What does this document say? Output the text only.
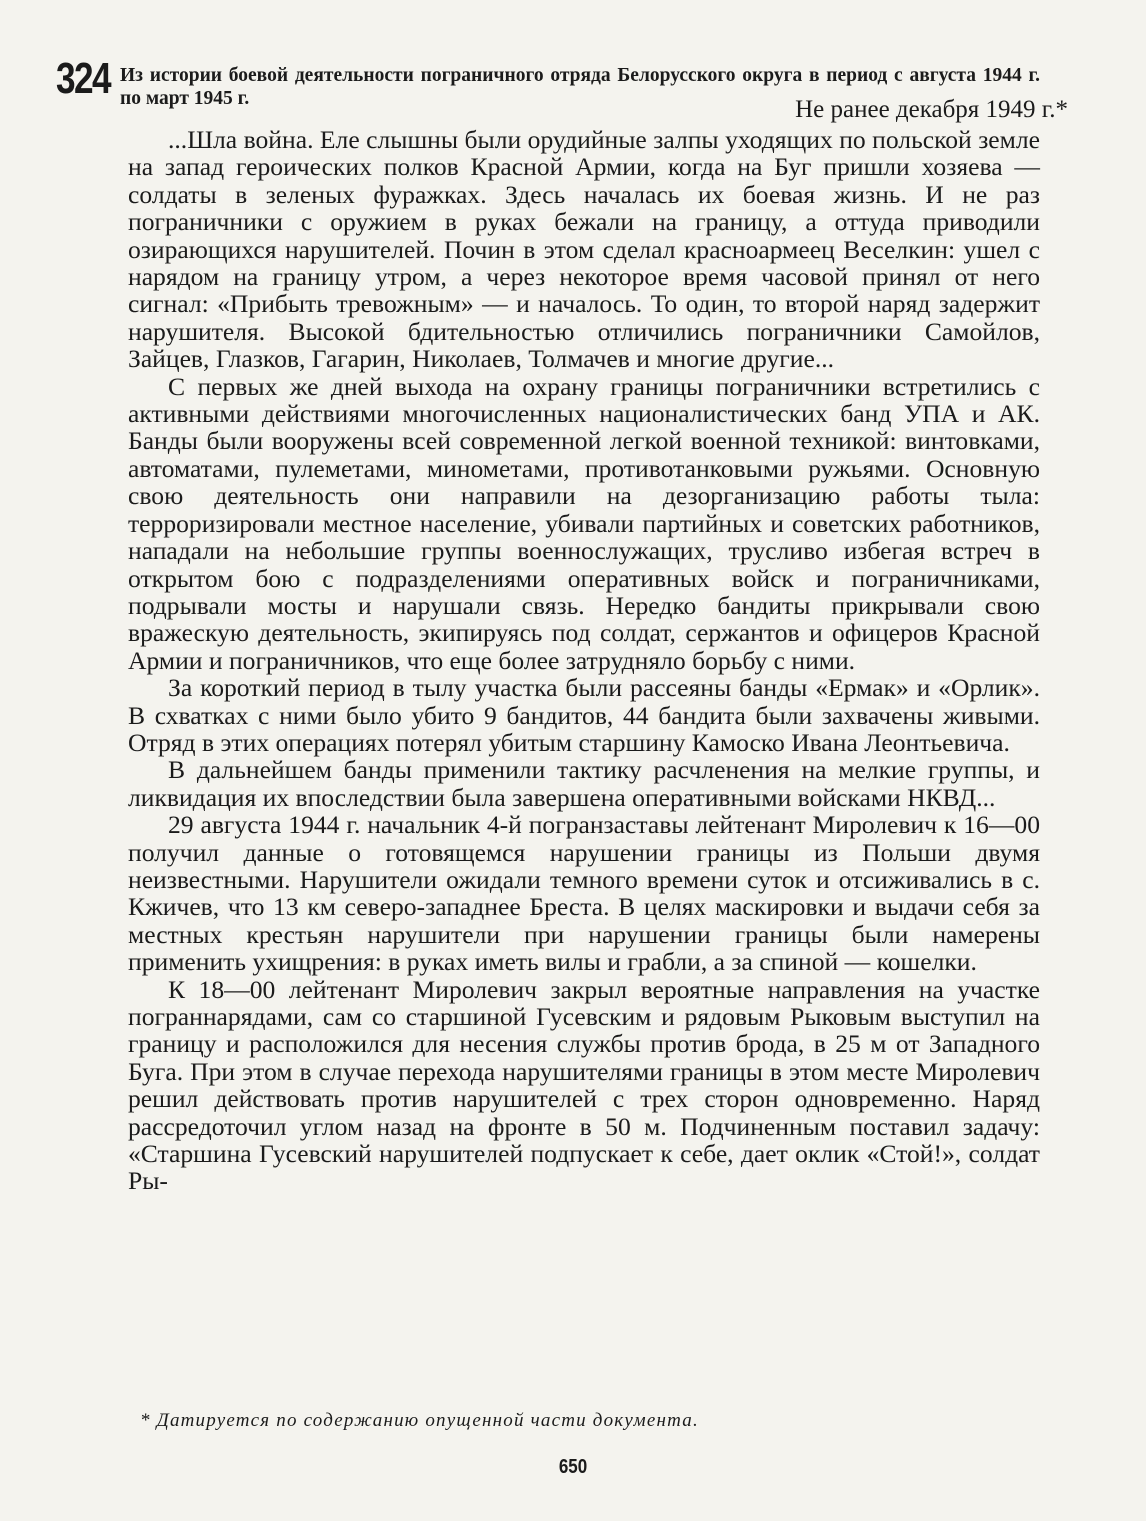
324 Из истории боевой деятельности пограничного отряда Белорусского округа в период с августа 1944 г. по март 1945 г.	Не ранее декабря 1949 г.*

...Шла война. Еле слышны были орудийные залпы уходящих по польской земле на запад героических полков Красной Армии, когда на Буг пришли хозяева — солдаты в зеленых фуражках. Здесь началась их боевая жизнь. И не раз пограничники с оружием в руках бежали на границу, а оттуда приводили озирающихся нарушителей. Почин в этом сделал красноармеец Веселкин: ушел с нарядом на границу утром, а через некоторое время часовой принял от него сигнал: «Прибыть тревожным» — и началось. То один, то второй наряд задержит нарушителя. Высокой бдительностью отличились пограничники Самойлов, Зайцев, Глазков, Гагарин, Николаев, Толмачев и многие другие...

С первых же дней выхода на охрану границы пограничники встретились с активными действиями многочисленных националистических банд УПА и АК. Банды были вооружены всей современной легкой военной техникой: винтовками, автоматами, пулеметами, минометами, противотанковыми ружьями. Основную свою деятельность они направили на дезорганизацию работы тыла: терроризировали местное население, убивали партийных и советских работников, нападали на небольшие группы военнослужащих, трусливо избегая встреч в открытом бою с подразделениями оперативных войск и пограничниками, подрывали мосты и нарушали связь. Нередко бандиты прикрывали свою вражескую деятельность, экипируясь под солдат, сержантов и офицеров Красной Армии и пограничников, что еще более затрудняло борьбу с ними.

За короткий период в тылу участка были рассеяны банды «Ермак» и «Орлик». В схватках с ними было убито 9 бандитов, 44 бандита были захвачены живыми. Отряд в этих операциях потерял убитым старшину Камоско Ивана Леонтьевича.

В дальнейшем банды применили тактику расчленения на мелкие группы, и ликвидация их впоследствии была завершена оперативными войсками НКВД...

29 августа 1944 г. начальник 4-й погранзаставы лейтенант Миролевич к 16—00 получил данные о готовящемся нарушении границы из Польши двумя неизвестными. Нарушители ожидали темного времени суток и отсиживались в с. Кжичев, что 13 км северо-западнее Бреста. В целях маскировки и выдачи себя за местных крестьян нарушители при нарушении границы были намерены применить ухищрения: в руках иметь вилы и грабли, а за спиной — кошелки.

К 18—00 лейтенант Миролевич закрыл вероятные направления на участке пограннарядами, сам со старшиной Гусевским и рядовым Рыковым выступил на границу и расположился для несения службы против брода, в 25 м от Западного Буга. При этом в случае перехода нарушителями границы в этом месте Миролевич решил действовать против нарушителей с трех сторон одновременно. Наряд рассредоточил углом назад на фронте в 50 м. Подчиненным поставил задачу: «Старшина Гусевский нарушителей подпускает к себе, дает оклик «Стой!», солдат Ры-

* Датируется по содержанию опущенной части документа.
650
